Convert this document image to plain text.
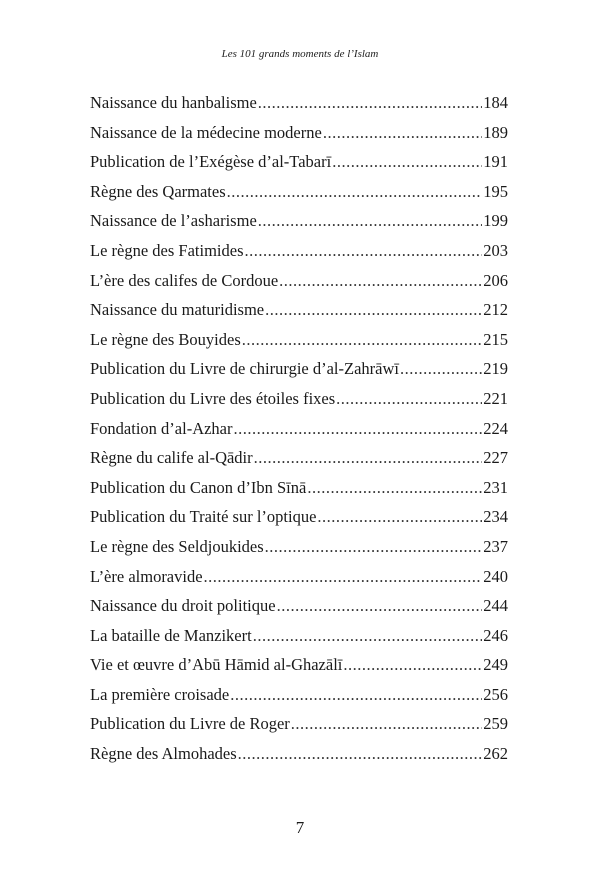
Les 101 grands moments de l’Islam
Naissance du hanbalisme .....	184
Naissance de la médecine moderne .....	189
Publication de l’Exégèse d’al-Tabarī .....	191
Règne des Qarmates .....	195
Naissance de l’asharisme .....	199
Le règne des Fatimides .....	203
L’ère des califes de Cordoue .....	206
Naissance du maturidisme .....	212
Le règne des Bouyides .....	215
Publication du Livre de chirurgie d’al-Zahrāwī .....	219
Publication du Livre des étoiles fixes .....	221
Fondation d’al-Azhar .....	224
Règne du calife al-Qādir .....	227
Publication du Canon d’Ibn Sīnā .....	231
Publication du Traité sur l’optique .....	234
Le règne des Seldjoukides .....	237
L’ère almoravide .....	240
Naissance du droit politique .....	244
La bataille de Manzikert .....	246
Vie et œuvre d’Abū Hāmid al-Ghazālī .....	249
La première croisade .....	256
Publication du Livre de Roger .....	259
Règne des Almohades .....	262
7
